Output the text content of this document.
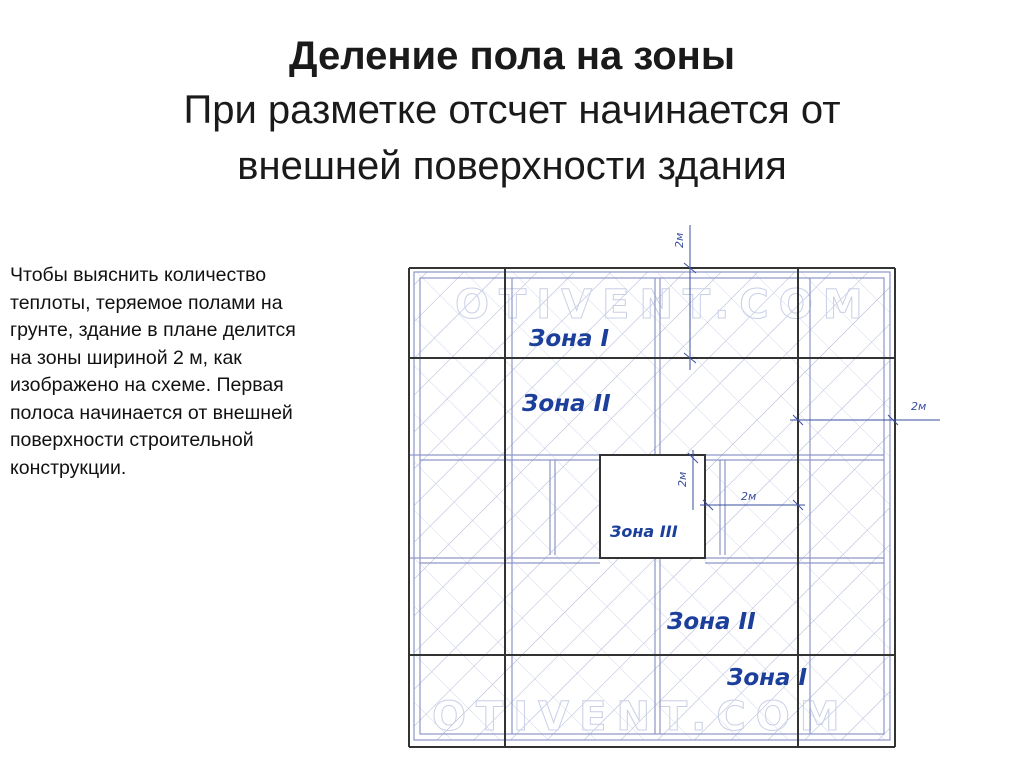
Деление пола на зоны
При разметке отсчет начинается от внешней поверхности здания
Чтобы выяснить количество теплоты, теряемое полами на грунте, здание в плане делится на зоны шириной 2 м, как изображено на схеме. Первая полоса начинается от внешней поверхности строительной конструкции.
OTIVENT.COM
OTIVENT.COM
2м
2м
2м
2м
Зона I
Зона II
Зона III
Зона II
Зона I
